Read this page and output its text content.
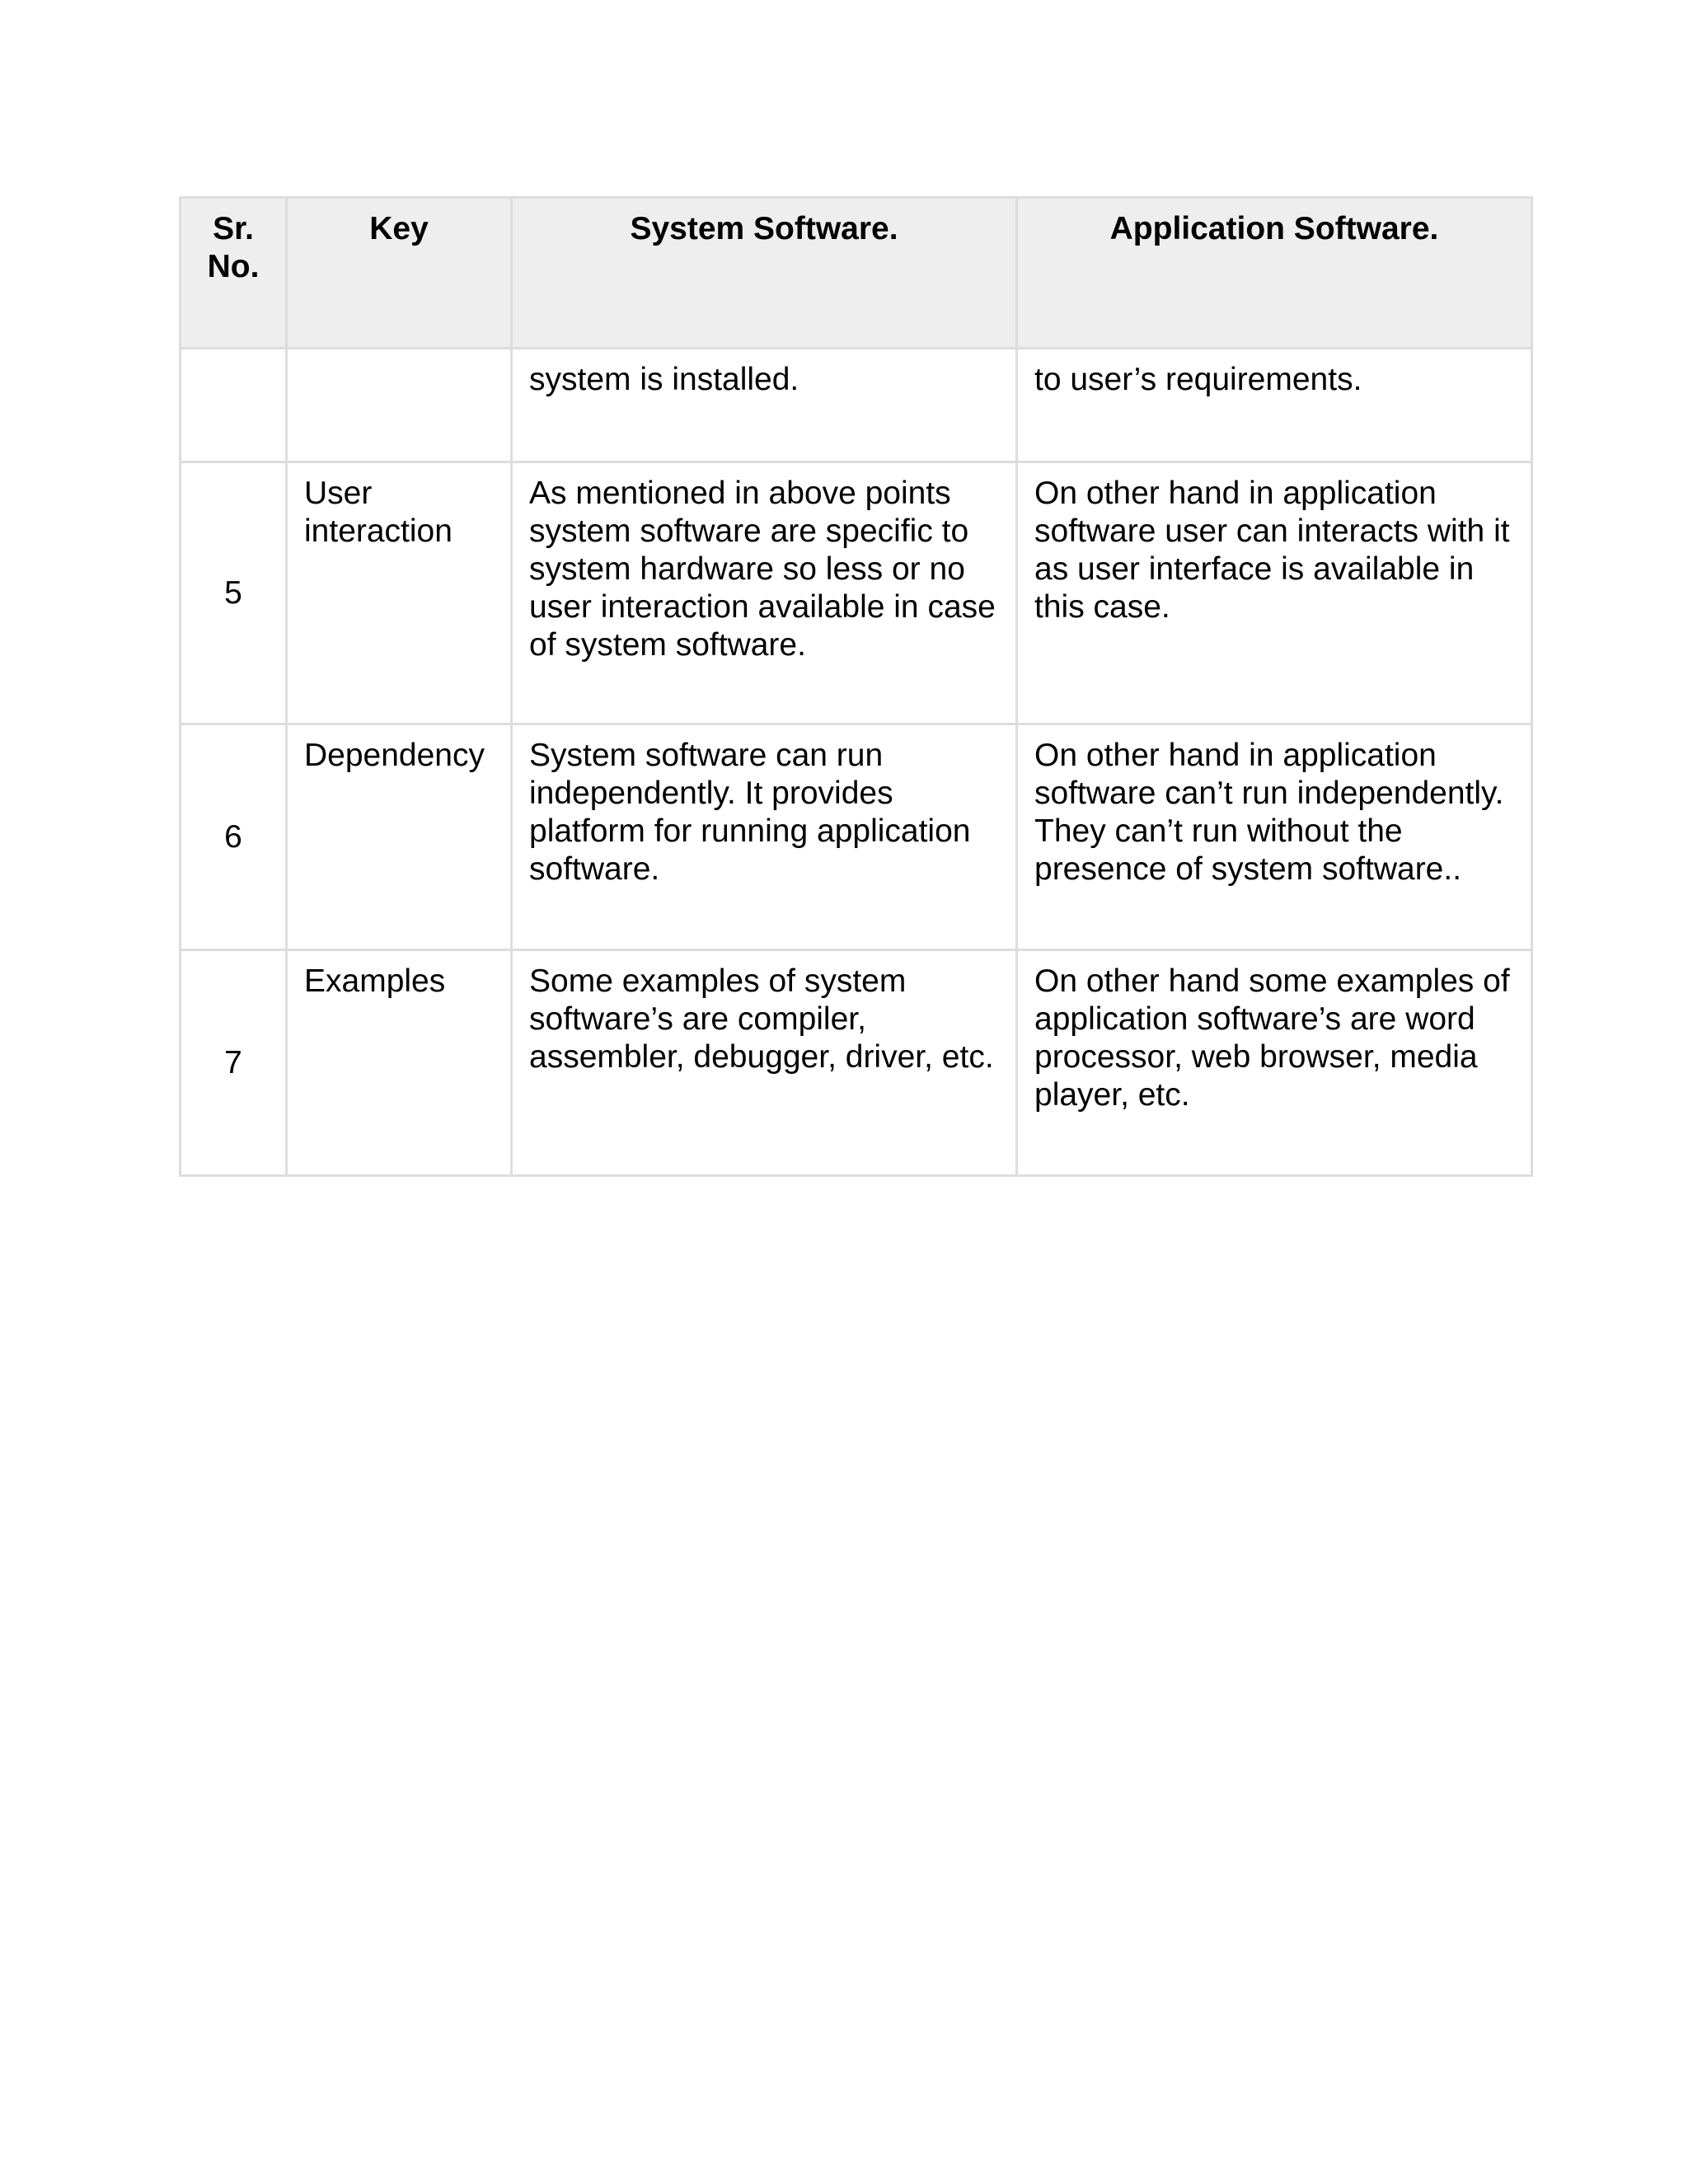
Sr. No.	Key	System Software.	Application Software.
		system is installed.	to user’s requirements.
5	User interaction	As mentioned in above points system software are specific to system hardware so less or no user interaction available in case of system software.	On other hand in application software user can interacts with it as user interface is available in this case.
6	Dependency	System software can run independently. It provides platform for running application software.	On other hand in application software can’t run independently. They can’t run without the presence of system software..
7	Examples	Some examples of system software’s are compiler, assembler, debugger, driver, etc.	On other hand some examples of application software’s are word processor, web browser, media player, etc.
